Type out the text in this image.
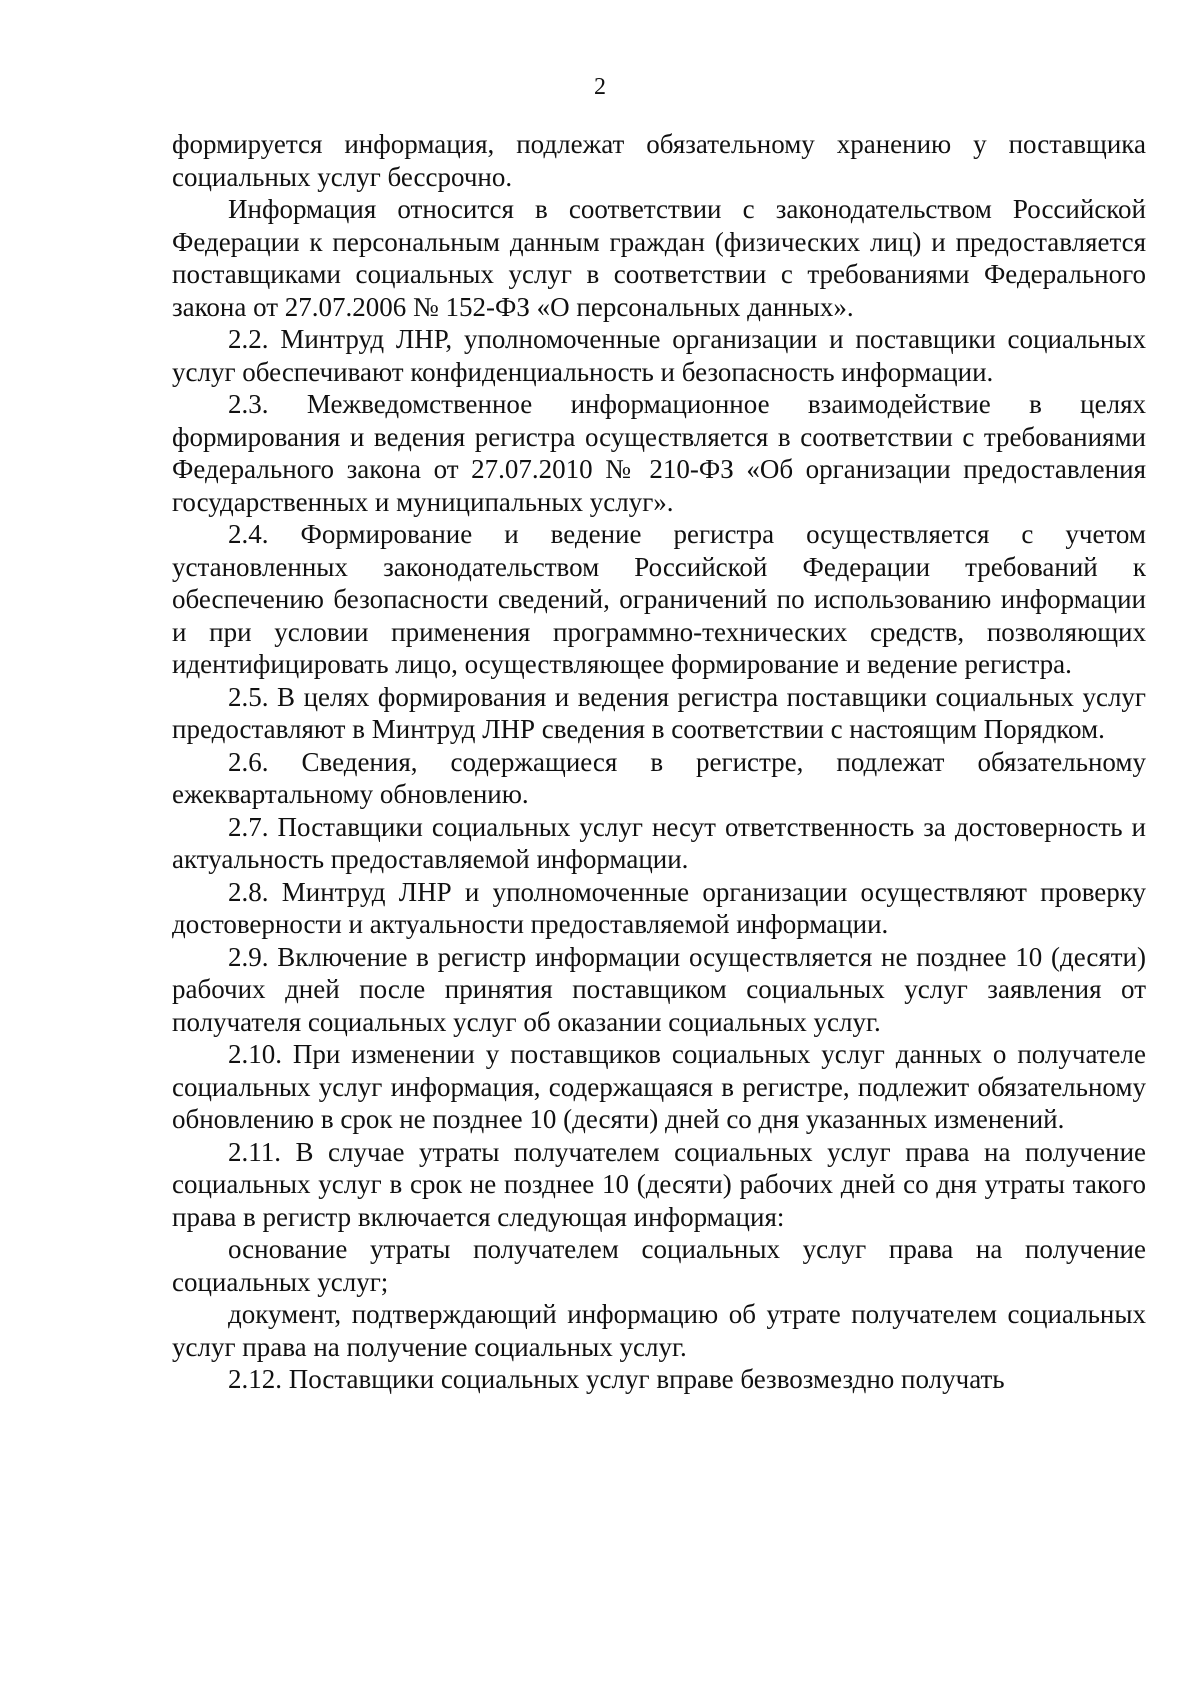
2

формируется информация, подлежат обязательному хранению у поставщика социальных услуг бессрочно.

Информация относится в соответствии с законодательством Российской Федерации к персональным данным граждан (физических лиц) и предоставляется поставщиками социальных услуг в соответствии с требованиями Федерального закона от 27.07.2006 № 152-ФЗ «О персональных данных».

2.2. Минтруд ЛНР, уполномоченные организации и поставщики социальных услуг обеспечивают конфиденциальность и безопасность информации.

2.3. Межведомственное информационное взаимодействие в целях формирования и ведения регистра осуществляется в соответствии с требованиями Федерального закона от 27.07.2010 № 210-ФЗ «Об организации предоставления государственных и муниципальных услуг».

2.4. Формирование и ведение регистра осуществляется с учетом установленных законодательством Российской Федерации требований к обеспечению безопасности сведений, ограничений по использованию информации и при условии применения программно-технических средств, позволяющих идентифицировать лицо, осуществляющее формирование и ведение регистра.

2.5. В целях формирования и ведения регистра поставщики социальных услуг предоставляют в Минтруд ЛНР сведения в соответствии с настоящим Порядком.

2.6. Сведения, содержащиеся в регистре, подлежат обязательному ежеквартальному обновлению.

2.7. Поставщики социальных услуг несут ответственность за достоверность и актуальность предоставляемой информации.

2.8. Минтруд ЛНР и уполномоченные организации осуществляют проверку достоверности и актуальности предоставляемой информации.

2.9. Включение в регистр информации осуществляется не позднее 10 (десяти) рабочих дней после принятия поставщиком социальных услуг заявления от получателя социальных услуг об оказании социальных услуг.

2.10. При изменении у поставщиков социальных услуг данных о получателе социальных услуг информация, содержащаяся в регистре, подлежит обязательному обновлению в срок не позднее 10 (десяти) дней со дня указанных изменений.

2.11. В случае утраты получателем социальных услуг права на получение социальных услуг в срок не позднее 10 (десяти) рабочих дней со дня утраты такого права в регистр включается следующая информация:

основание утраты получателем социальных услуг права на получение социальных услуг;

документ, подтверждающий информацию об утрате получателем социальных услуг права на получение социальных услуг.

2.12. Поставщики социальных услуг вправе безвозмездно получать
